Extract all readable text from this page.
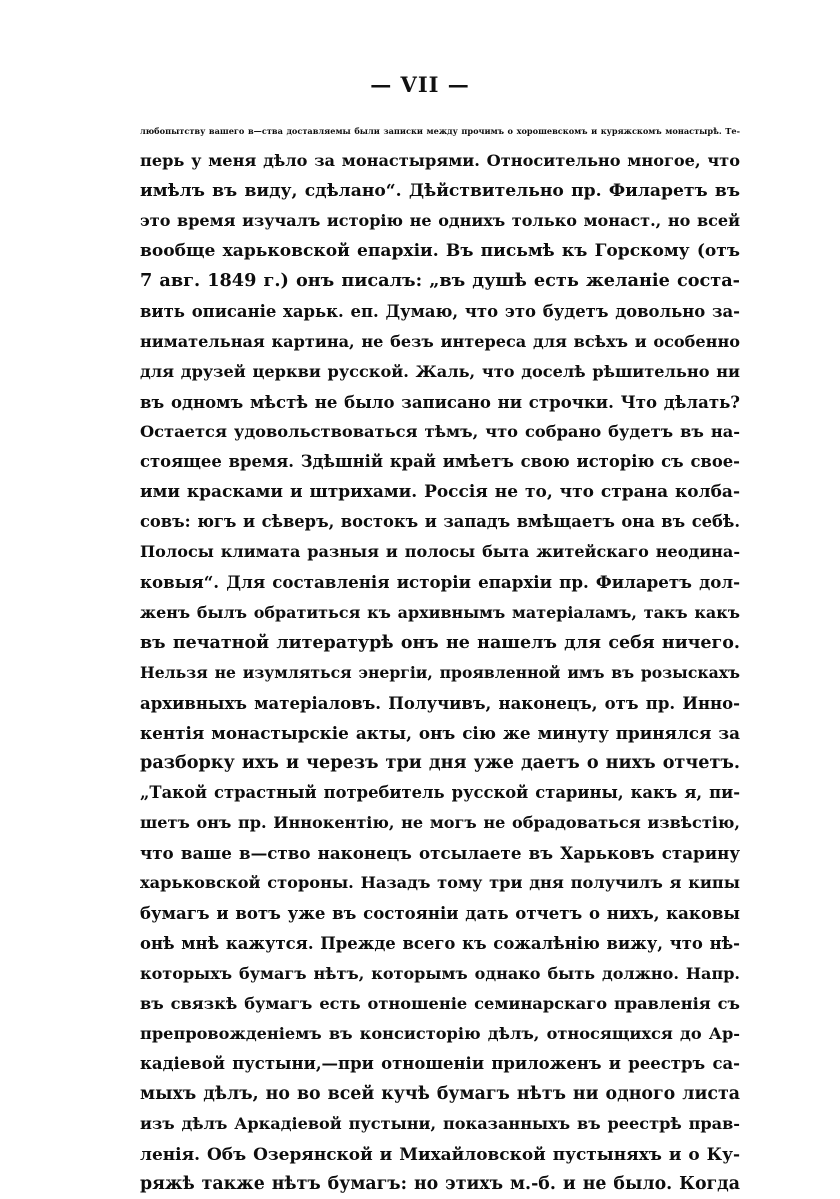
— VII —
любопытству вашего в—ства доставляемы были записки между прочимъ о хорошевскомъ и куряжскомъ монастырѣ. Те-
перь у меня дѣло за монастырями. Относительно многое, что
имѣлъ въ виду, сдѣлано“. Дѣйствительно пр. Филаретъ въ
это время изучалъ исторію не однихъ только монаст., но всей
вообще харьковской епархіи. Въ письмѣ къ Горскому (отъ
7 авг. 1849 г.) онъ писалъ: „въ душѣ есть желаніе соста-
вить описаніе харьк. еп. Думаю, что это будетъ довольно за-
нимательная картина, не безъ интереса для всѣхъ и особенно
для друзей церкви русской. Жаль, что доселѣ рѣшительно ни
въ одномъ мѣстѣ не было записано ни строчки. Что дѣлать?
Остается удовольствоваться тѣмъ, что собрано будетъ въ на-
стоящее время. Здѣшній край имѣетъ свою исторію съ свое-
ими красками и штрихами. Россія не то, что страна колба-
совъ: югъ и сѣверъ, востокъ и западъ вмѣщаетъ она въ себѣ.
Полосы климата разныя и полосы быта житейскаго неодина-
ковыя“. Для составленія исторіи епархіи пр. Филаретъ дол-
женъ былъ обратиться къ архивнымъ матеріаламъ, такъ какъ
въ печатной литературѣ онъ не нашелъ для себя ничего.
Нельзя не изумляться энергіи, проявленной имъ въ розыскахъ
архивныхъ матеріаловъ. Получивъ, наконецъ, отъ пр. Инно-
кентія монастырскіе акты, онъ сію же минуту принялся за
разборку ихъ и черезъ три дня уже даетъ о нихъ отчетъ.
„Такой страстный потребитель русской старины, какъ я, пи-
шетъ онъ пр. Иннокентію, не могъ не обрадоваться извѣстію,
что ваше в—ство наконецъ отсылаете въ Харьковъ старину
харьковской стороны. Назадъ тому три дня получилъ я кипы
бумагъ и вотъ уже въ состояніи дать отчетъ о нихъ, каковы
онѣ мнѣ кажутся. Прежде всего къ сожалѣнію вижу, что нѣ-
которыхъ бумагъ нѣтъ, которымъ однако быть должно. Напр.
въ связкѣ бумагъ есть отношеніе семинарскаго правленія съ
препровожденіемъ въ консисторію дѣлъ, относящихся до Ар-
кадіевой пустыни,—при отношеніи приложенъ и реестръ са-
мыхъ дѣлъ, но во всей кучѣ бумагъ нѣтъ ни одного листа
изъ дѣлъ Аркадіевой пустыни, показанныхъ въ реестрѣ прав-
ленія. Объ Озерянской и Михайловской пустыняхъ и о Ку-
ряжѣ также нѣтъ бумагъ: но этихъ м.-б. и не было. Когда
